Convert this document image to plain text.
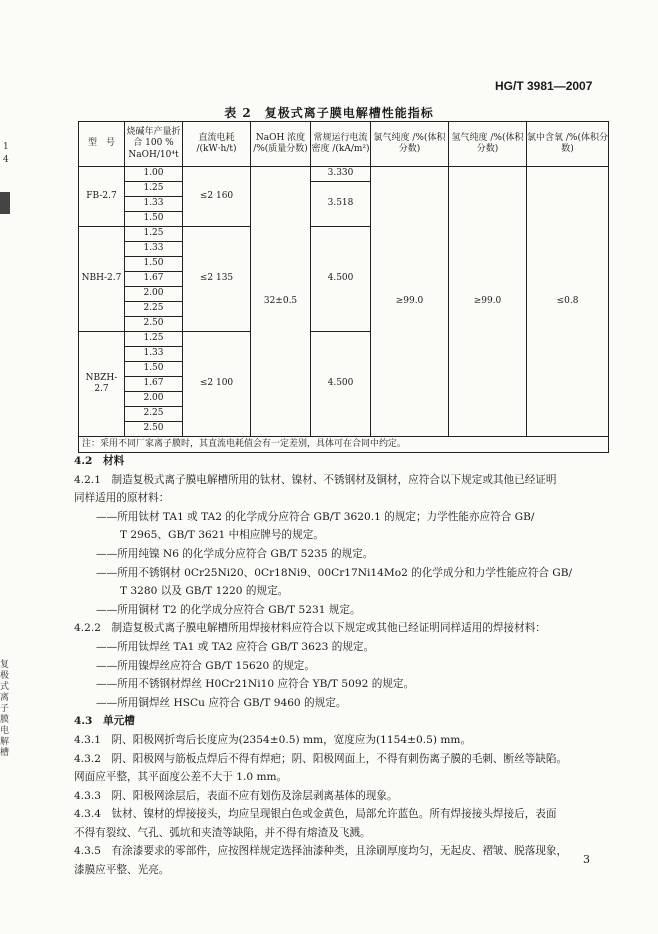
HG/T 3981—2007
表 2　复极式离子膜电解槽性能指标
型　号	烧碱年产量折合 100 % NaOH/10⁴t	直流电耗 /(kW·h/t)	NaOH 浓度 /%(质量分数)	常规运行电流密度 /(kA/m²)	氯气纯度 /%(体积分数)	氢气纯度 /%(体积分数)	氯中含氧 /%(体积分数)
FB-2.7	1.00	≤2 160	32±0.5	3.330	≥99.0	≥99.0	≤0.8
	1.25			3.518			
	1.33						
	1.50						
NBH-2.7	1.25	≤2 135		4.500			
	1.33						
	1.50						
	1.67						
	2.00						
	2.25						
	2.50						
NBZH-2.7	1.25	≤2 100		4.500			
	1.33						
	1.50						
	1.67						
	2.00						
	2.25						
	2.50						
注：采用不同厂家离子膜时，其直流电耗值会有一定差别，具体可在合同中约定。							

4.2　材料

4.2.1　制造复极式离子膜电解槽所用的钛材、镍材、不锈钢材及铜材，应符合以下规定或其他已经证明

同样适用的原材料：

——所用钛材 TA1 或 TA2 的化学成分应符合 GB/T 3620.1 的规定；力学性能亦应符合 GB/

T 2965、GB/T 3621 中相应牌号的规定。

——所用纯镍 N6 的化学成分应符合 GB/T 5235 的规定。

——所用不锈钢材 0Cr25Ni20、0Cr18Ni9、00Cr17Ni14Mo2 的化学成分和力学性能应符合 GB/

T 3280 以及 GB/T 1220 的规定。

——所用铜材 T2 的化学成分应符合 GB/T 5231 规定。

4.2.2　制造复极式离子膜电解槽所用焊接材料应符合以下规定或其他已经证明同样适用的焊接材料：

——所用钛焊丝 TA1 或 TA2 应符合 GB/T 3623 的规定。

——所用镍焊丝应符合 GB/T 15620 的规定。

——所用不锈钢材焊丝 H0Cr21Ni10 应符合 YB/T 5092 的规定。

——所用铜焊丝 HSCu 应符合 GB/T 9460 的规定。

4.3　单元槽

4.3.1　阴、阳极网折弯后长度应为(2354±0.5) mm，宽度应为(1154±0.5) mm。

4.3.2　阴、阳极网与筋板点焊后不得有焊疤；阴、阳极网面上，不得有刺伤离子膜的毛刺、断丝等缺陷。

网面应平整，其平面度公差不大于 1.0 mm。

4.3.3　阴、阳极网涂层后，表面不应有划伤及涂层剥离基体的现象。

4.3.4　钛材、镍材的焊接接头，均应呈现银白色或金黄色，局部允许蓝色。所有焊接接头焊接后，表面

不得有裂纹、气孔、弧坑和夹渣等缺陷，并不得有熔渣及飞溅。

4.3.5　有涂漆要求的零部件，应按图样规定选择油漆种类，且涂刷厚度均匀，无起皮、褶皱、脱落现象，

漆膜应平整、光亮。

3
1
4
复极式离子膜电解槽
